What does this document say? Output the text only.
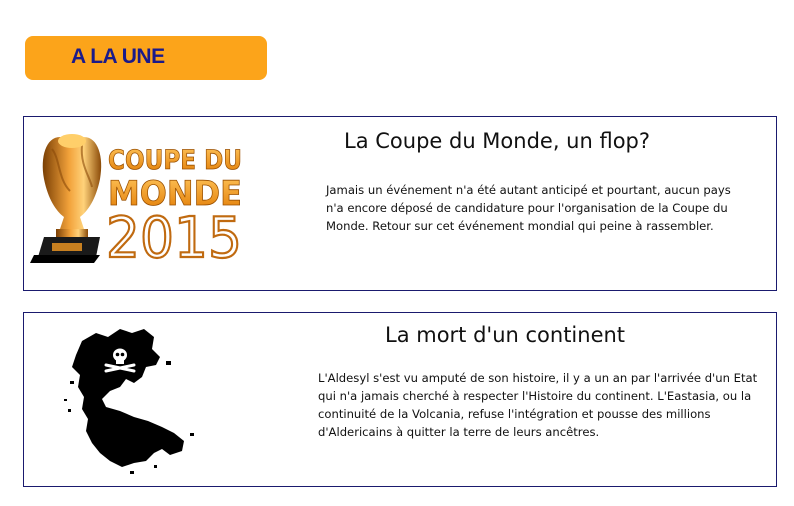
A LA UNE
COUPE DU
MONDE
2015
La Coupe du Monde, un flop?
Jamais un événement n'a été autant anticipé et pourtant, aucun pays n'a encore déposé de candidature pour l'organisation de la Coupe du Monde. Retour sur cet événement mondial qui peine à rassembler.
La mort d'un continent
L'Aldesyl s'est vu amputé de son histoire, il y a un an par l'arrivée d'un Etat qui n'a jamais cherché à respecter l'Histoire du continent. L'Eastasia, ou la continuité de la Volcania, refuse l'intégration et pousse des millions d'Aldericains à quitter la terre de leurs ancêtres.
